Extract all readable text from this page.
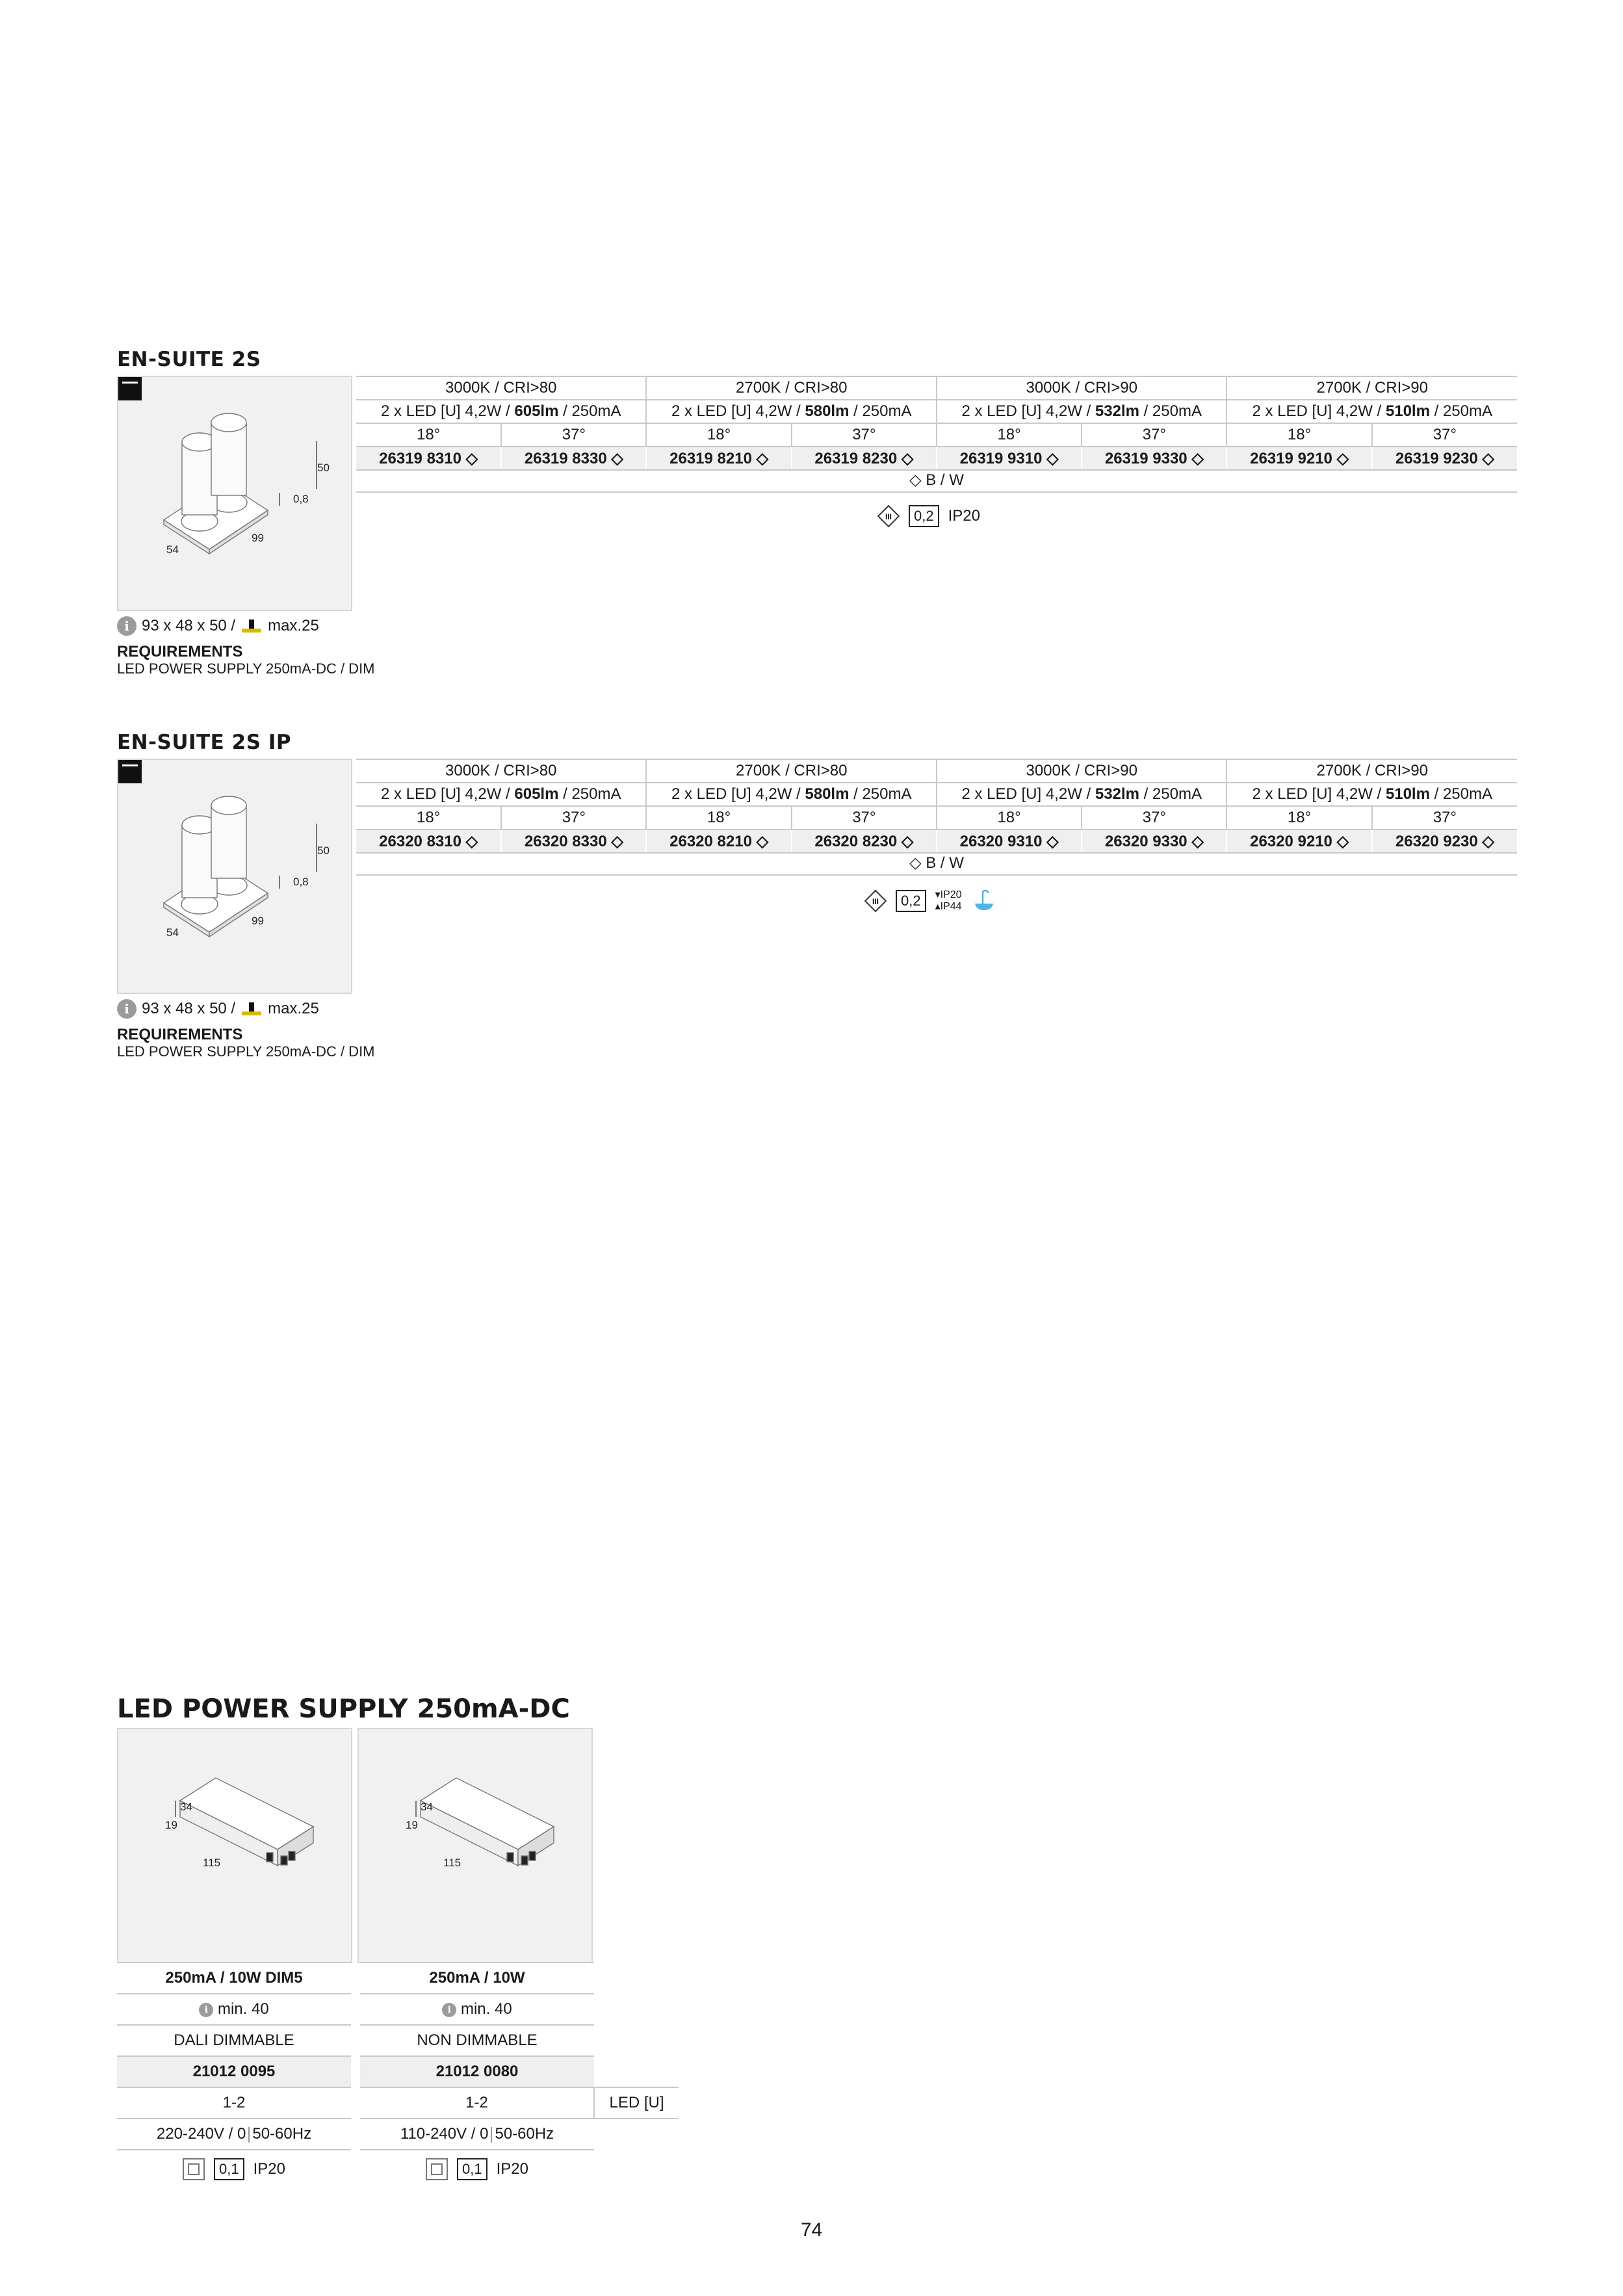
EN-SUITE 2S
50
0,8
54
99
3000K / CRI>80		2700K / CRI>80		3000K / CRI>90		2700K / CRI>90	
2 x LED [U] 4,2W / 605lm / 250mA		2 x LED [U] 4,2W / 580lm / 250mA		2 x LED [U] 4,2W / 532lm / 250mA		2 x LED [U] 4,2W / 510lm / 250mA	
18°	37°	18°	37°	18°	37°	18°	37°
26319 8310 ◇	26319 8330 ◇	26319 8210 ◇	26319 8230 ◇	26319 9310 ◇	26319 9330 ◇	26319 9210 ◇	26319 9230 ◇
◇ B / W
III	0,2 IP20
i 93 x 48 x 50 / max.25
REQUIREMENTS
LED POWER SUPPLY 250mA-DC / DIM
EN-SUITE 2S IP
50
0,8
54
99
3000K / CRI>80		2700K / CRI>80		3000K / CRI>90		2700K / CRI>90	
2 x LED [U] 4,2W / 605lm / 250mA		2 x LED [U] 4,2W / 580lm / 250mA		2 x LED [U] 4,2W / 532lm / 250mA		2 x LED [U] 4,2W / 510lm / 250mA	
18°	37°	18°	37°	18°	37°	18°	37°
26320 8310 ◇	26320 8330 ◇	26320 8210 ◇	26320 8230 ◇	26320 9310 ◇	26320 9330 ◇	26320 9210 ◇	26320 9230 ◇
◇ B / W
III	0,2	▾IP20
▴IP44
i 93 x 48 x 50 / max.25
REQUIREMENTS
LED POWER SUPPLY 250mA-DC / DIM
LED POWER SUPPLY 250mA-DC
34
19
115
34
19
115
250mA / 10W DIM5		250mA / 10W	
i min. 40		i min. 40	
DALI DIMMABLE		NON DIMMABLE	
21012 0095		21012 0080	
1-2		1-2	LED [U]
220-240V / 0 50-60Hz		110-240V / 0 50-60Hz	

0,1 IP20		0,1 IP20	

74
